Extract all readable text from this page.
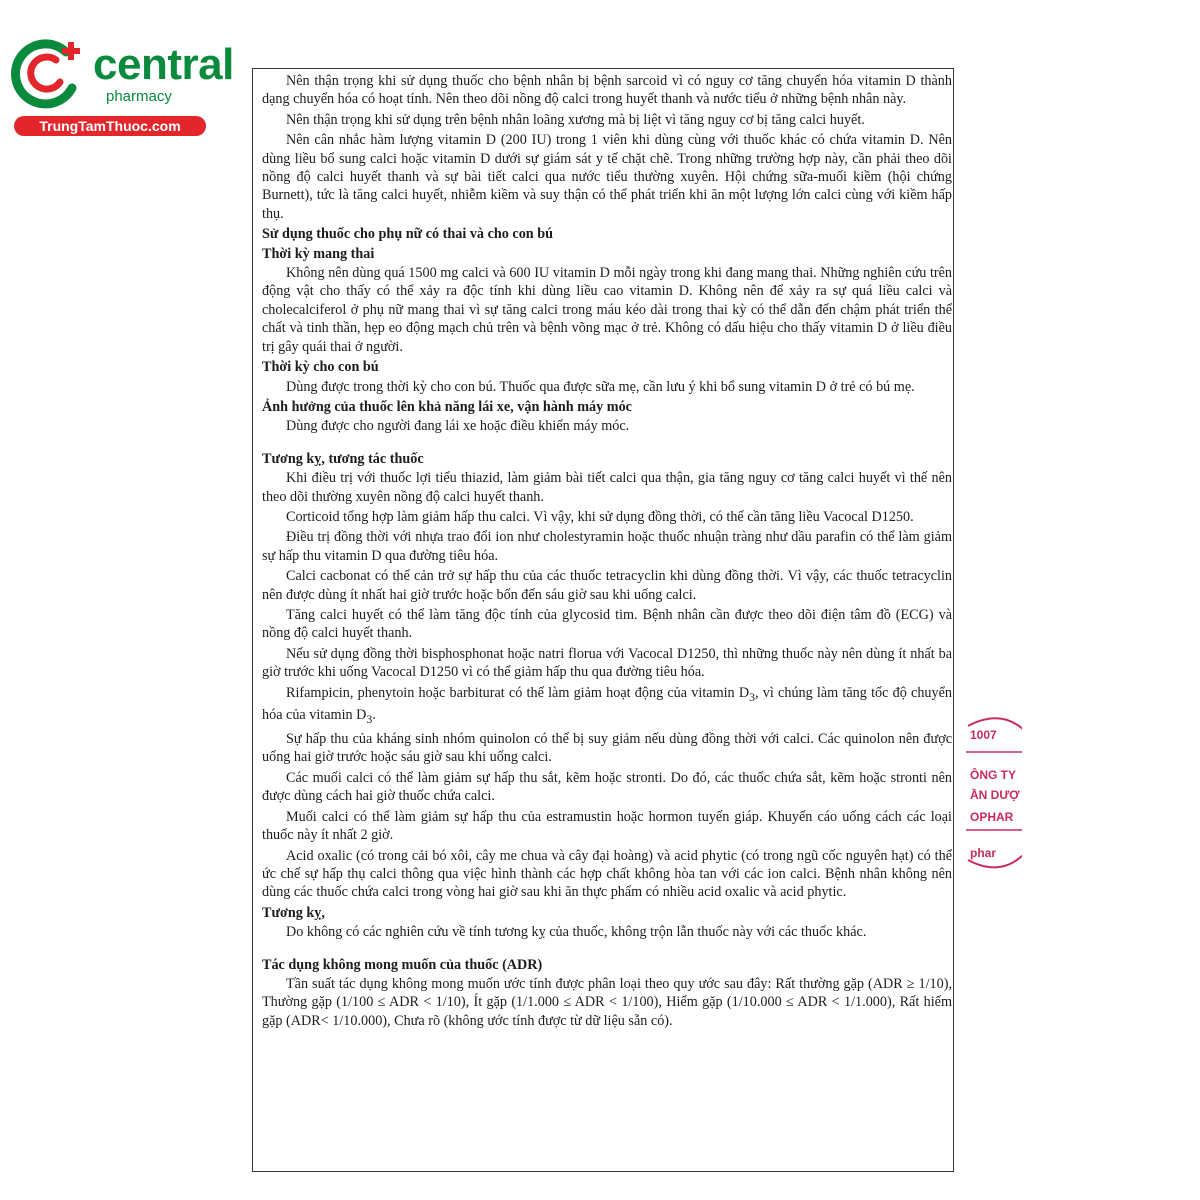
central
pharmacy
TrungTamThuoc.com

Nên thận trọng khi sử dụng thuốc cho bệnh nhân bị bệnh sarcoid vì có nguy cơ tăng chuyển hóa vitamin D thành dạng chuyển hóa có hoạt tính. Nên theo dõi nồng độ calci trong huyết thanh và nước tiểu ở những bệnh nhân này.

Nên thận trọng khi sử dụng trên bệnh nhân loãng xương mà bị liệt vì tăng nguy cơ bị tăng calci huyết.

Nên cân nhắc hàm lượng vitamin D (200 IU) trong 1 viên khi dùng cùng với thuốc khác có chứa vitamin D. Nên dùng liều bổ sung calci hoặc vitamin D dưới sự giám sát y tế chặt chẽ. Trong những trường hợp này, cần phải theo dõi nồng độ calci huyết thanh và sự bài tiết calci qua nước tiểu thường xuyên. Hội chứng sữa-muối kiềm (hội chứng Burnett), tức là tăng calci huyết, nhiễm kiềm và suy thận có thể phát triển khi ăn một lượng lớn calci cùng với kiềm hấp thụ.

Sử dụng thuốc cho phụ nữ có thai và cho con bú
Thời kỳ mang thai

Không nên dùng quá 1500 mg calci và 600 IU vitamin D mỗi ngày trong khi đang mang thai. Những nghiên cứu trên động vật cho thấy có thể xảy ra độc tính khi dùng liều cao vitamin D. Không nên để xảy ra sự quá liều calci và cholecalciferol ở phụ nữ mang thai vì sự tăng calci trong máu kéo dài trong thai kỳ có thể dẫn đến chậm phát triển thể chất và tinh thần, hẹp eo động mạch chủ trên và bệnh võng mạc ở trẻ. Không có dấu hiệu cho thấy vitamin D ở liều điều trị gây quái thai ở người.

Thời kỳ cho con bú

Dùng được trong thời kỳ cho con bú. Thuốc qua được sữa mẹ, cần lưu ý khi bổ sung vitamin D ở trẻ có bú mẹ.

Ảnh hưởng của thuốc lên khả năng lái xe, vận hành máy móc

Dùng được cho người đang lái xe hoặc điều khiển máy móc.

Tương kỵ, tương tác thuốc

Khi điều trị với thuốc lợi tiểu thiazid, làm giảm bài tiết calci qua thận, gia tăng nguy cơ tăng calci huyết vì thế nên theo dõi thường xuyên nồng độ calci huyết thanh.

Corticoid tổng hợp làm giảm hấp thu calci. Vì vậy, khi sử dụng đồng thời, có thể cần tăng liều Vacocal D1250.

Điều trị đồng thời với nhựa trao đổi ion như cholestyramin hoặc thuốc nhuận tràng như dầu parafin có thể làm giảm sự hấp thu vitamin D qua đường tiêu hóa.

Calci cacbonat có thể cản trở sự hấp thu của các thuốc tetracyclin khi dùng đồng thời. Vì vậy, các thuốc tetracyclin nên được dùng ít nhất hai giờ trước hoặc bốn đến sáu giờ sau khi uống calci.

Tăng calci huyết có thể làm tăng độc tính của glycosid tim. Bệnh nhân cần được theo dõi điện tâm đồ (ECG) và nồng độ calci huyết thanh.

Nếu sử dụng đồng thời bisphosphonat hoặc natri florua với Vacocal D1250, thì những thuốc này nên dùng ít nhất ba giờ trước khi uống Vacocal D1250 vì có thể giảm hấp thu qua đường tiêu hóa.

Rifampicin, phenytoin hoặc barbiturat có thể làm giảm hoạt động của vitamin $D_3$, vì chúng làm tăng tốc độ chuyển hóa của vitamin $D_3$.

Sự hấp thu của kháng sinh nhóm quinolon có thể bị suy giảm nếu dùng đồng thời với calci. Các quinolon nên được uống hai giờ trước hoặc sáu giờ sau khi uống calci.

Các muối calci có thể làm giảm sự hấp thu sắt, kẽm hoặc stronti. Do đó, các thuốc chứa sắt, kẽm hoặc stronti nên được dùng cách hai giờ thuốc chứa calci.

Muối calci có thể làm giảm sự hấp thu của estramustin hoặc hormon tuyến giáp. Khuyến cáo uống cách các loại thuốc này ít nhất 2 giờ.

Acid oxalic (có trong cải bó xôi, cây me chua và cây đại hoàng) và acid phytic (có trong ngũ cốc nguyên hạt) có thể ức chế sự hấp thụ calci thông qua việc hình thành các hợp chất không hòa tan với các ion calci. Bệnh nhân không nên dùng các thuốc chứa calci trong vòng hai giờ sau khi ăn thực phẩm có nhiều acid oxalic và acid phytic.

Tương kỵ,

Do không có các nghiên cứu về tính tương kỵ của thuốc, không trộn lẫn thuốc này với các thuốc khác.

Tác dụng không mong muốn của thuốc (ADR)

Tần suất tác dụng không mong muốn ước tính được phân loại theo quy ước sau đây: Rất thường gặp (ADR ≥ 1/10), Thường gặp (1/100 ≤ ADR < 1/10), Ít gặp (1/1.000 ≤ ADR < 1/100), Hiếm gặp (1/10.000 ≤ ADR < 1/1.000), Rất hiếm gặp (ADR< 1/10.000), Chưa rõ (không ước tính được từ dữ liệu sẵn có).

1007
ÔNG TY
ẦN DƯỢ
OPHAR
phar
